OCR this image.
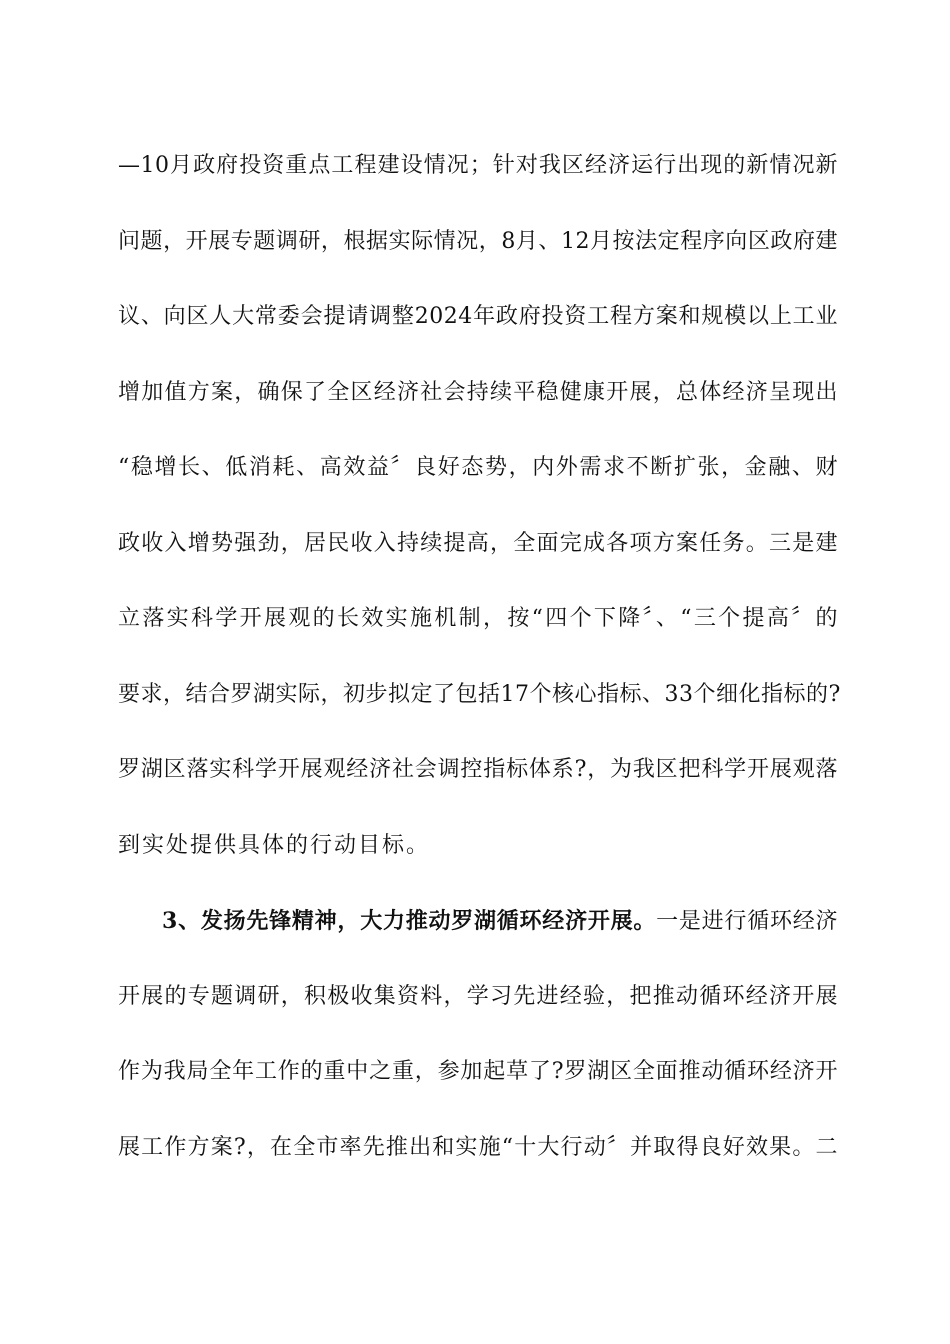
—10月政府投资重点工程建设情况；针对我区经济运行出现的新情况新
问题，开展专题调研，根据实际情况，8月、12月按法定程序向区政府建
议、向区人大常委会提请调整2024年政府投资工程方案和规模以上工业
增加值方案，确保了全区经济社会持续平稳健康开展，总体经济呈现出
“稳增长、低消耗、高效益〞良好态势，内外需求不断扩张，金融、财
政收入增势强劲，居民收入持续提高，全面完成各项方案任务。三是建
立落实科学开展观的长效实施机制，按“四个下降〞、“三个提高〞的
要求，结合罗湖实际，初步拟定了包括17个核心指标、33个细化指标的?
罗湖区落实科学开展观经济社会调控指标体系?，为我区把科学开展观落
到实处提供具体的行动目标。
3、发扬先锋精神，大力推动罗湖循环经济开展。一是进行循环经济
开展的专题调研，积极收集资料，学习先进经验，把推动循环经济开展
作为我局全年工作的重中之重，参加起草了?罗湖区全面推动循环经济开
展工作方案?，在全市率先推出和实施“十大行动〞并取得良好效果。二
